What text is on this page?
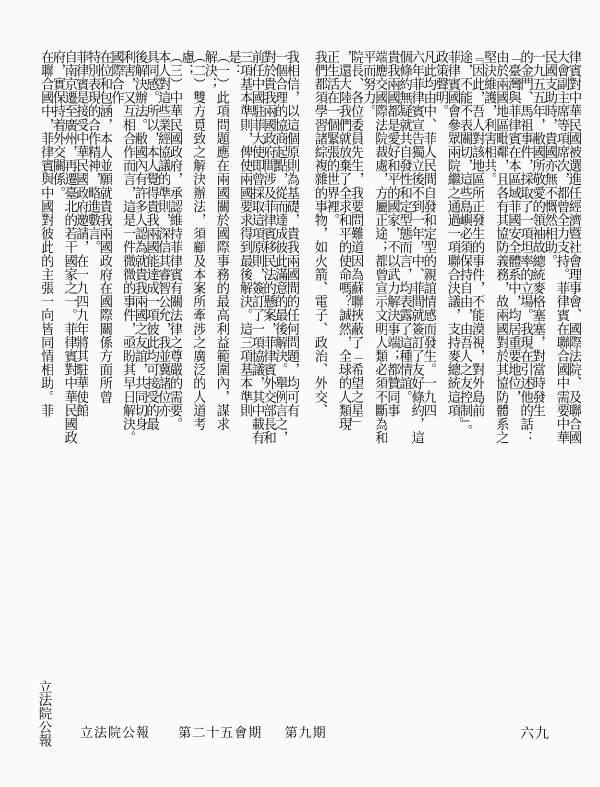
我相信，以這個原則為基礎，貴我兩國間的任何問題，均可有
一個合理的協商起點，從而達成彼此滿意的最後解決。舉例言之，
對於貴我兩國政府間涉及菲律賓移民法的懸案，菲律賓外交部長和
前任中國駐菲大使即曾採取這項原則，簽訂了一項協議，其中載有
三項基本準則，俾使兩國要求得到最後解決。這三項基本準則
是：
（一）此項問題應在兩國關於國際事務的最高利益範圍內，謀求
解決；
（二）雙方覓致之解決辦法，須顧及本案所牽涉之廣泛的人道考
慮；
（三）中華民國政府，承認維持菲律賓有關法律之尊嚴的需要。
本人對這些業經協議的準則，深信其睿智公允，我並冀諸位亦
具同感。所以，本人覺得貴我兩國能達成一項彼此均可接受的最
後解決辦法。敝國內有許多人認為就貴我兩國之友誼，共同切身
利害，又互相合作而言，這是一件微微的事件，亟盼其早日解決。
國際合作
在位和包涵，本人並願就貴我兩國政府在國際關係方面所曾
特別表現的合作精神，略進數言。
菲律賓是接受中華民國政府邀請，在一九四九年將其駐華使館
自南京遷至廣州，再遷臺北的若干國家之一。菲律賓對中華民國政
府，實保持着外交關係。
在聯合國中，菲律賓與中國對彼此的主張一向皆同情相助。菲	律賓對中華民國被選進任經濟暨社會理事會、國際法院、及聯合國
大會副主席等項席次，都曾全力支持。菲律賓在聯合國中需要中華
民國支助時，貴國亦無不慨然相助。
一九五五年，敝國所敬愛的領袖故總統麥格塞塞，對當時發生
的金門、馬祖事件，採取了一項坦率的立場。我現在引述他的話：
「臺灣與菲律賓在本區域菲國安全體系中，均居重要地位，
由於兩國地區毗鄰，且各有其協防義務，故兩國對於其協防體系之
堅決維護，利害相共。
『因此，吾人對該地區所正發生的事件，不能漠視，對外島前
途，不能不表關切，這些島嶼必須保持自由，由吾人之友控制』。
菲律賓國會參眾兩院繼之通過一項聯合決議，支持麥總統這項
政策聲明。
凡此均由中、菲人民間自發和定型的親誼情感而發生。一九四
六年菲律賓宣告獨立後不到一年，中、菲間就簽訂了友好條約，這
個條約無疑就共自發性和定型態而言，均表露了這種情誼。
貴我兩國都是愛好和平的國家，不以武力解決事端；都贊同事
端應交國際法院裁處，方屬正途；都曾宣示文明人類必須不斷為和
平而努力。
院長、各位委員先生，我要問難道因為蘇聯挾蔽了「希望之星」
，還大陸我們就放棄了全求和平的使命嗎？誠然，全球的人類現
正生活在一個緊張的世界裡。
我們都須學習諸綜複雜的事物，如火箭、電子、政治、外交、
立法院公報 立法院公報 第二十五會期 第九期	六九
